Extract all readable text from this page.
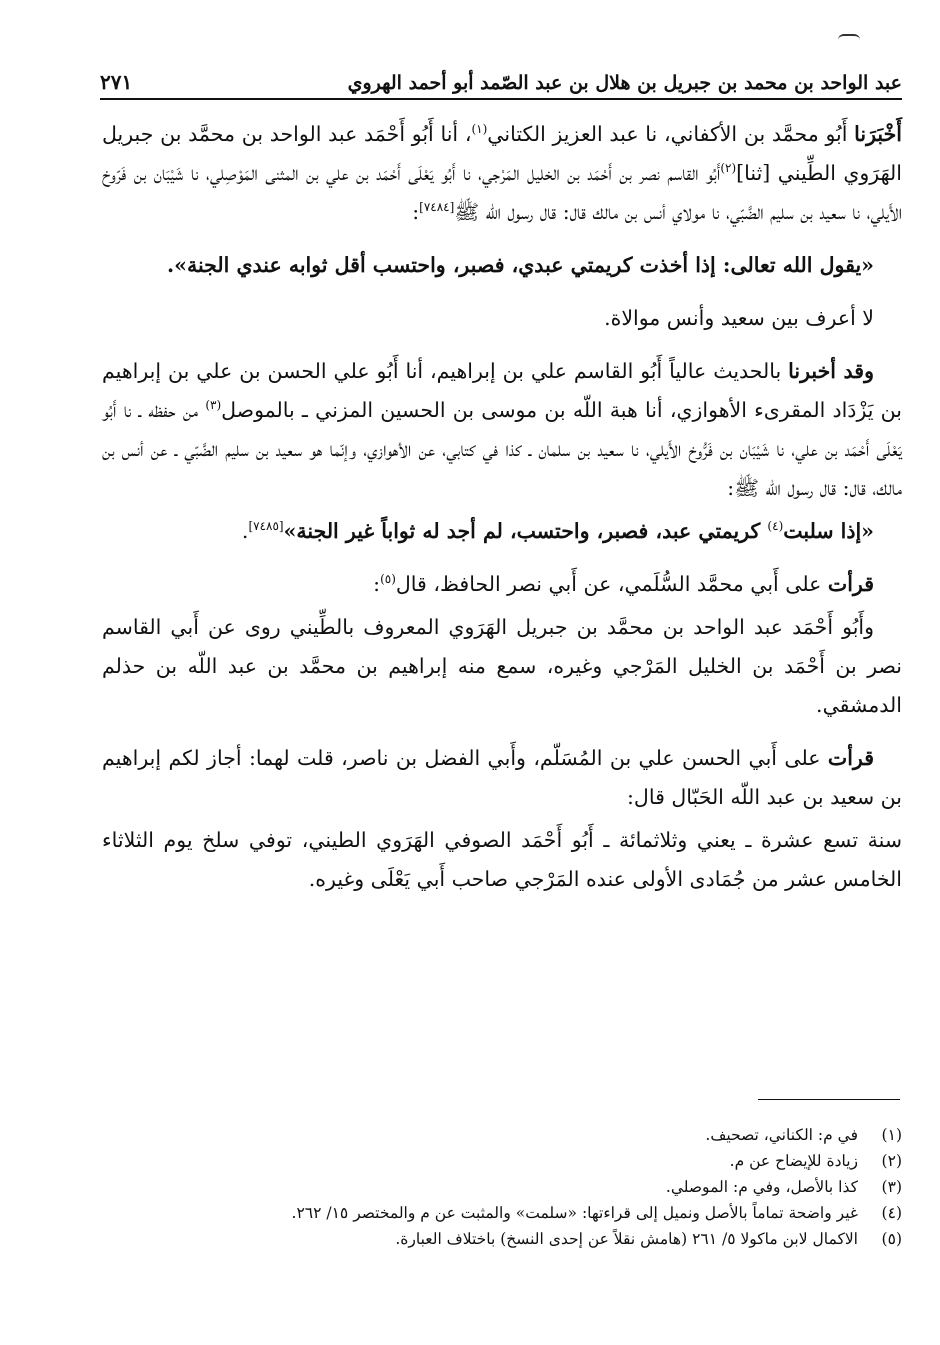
عبد الواحد بن محمد بن جبريل بن هلال بن عبد الصّمد أبو أحمد الهروي
٢٧١

أَخْبَرَنا أَبُو محمَّد بن الأكفاني، نا عبد العزيز الكتاني$^{(١)}$، أنا أَبُو أَحْمَد عبد الواحد بن محمَّد بن جبريل الهَرَوي الطِّيني [ثنا]$^{(٢)}$أَبُو القاسم نصر بن أَحْمَد بن الخليل المَرْجي، نا أَبُو يَعْلَى أَحْمَد بن علي بن المثنى المَوْصِلي، نا شَيْبَان بن فَرّوخ الأَيلي، نا سعيد بن سليم الضَّبّي، نا مولاي أنس بن مالك قال: قال رسول الله ﷺ[٧٤٨٤]:

«يقول الله تعالى: إذا أخذت كريمتي عبدي، فصبر، واحتسب أقل ثوابه عندي الجنة».

لا أعرف بين سعيد وأنس موالاة.

وقد أخبرنا بالحديث عالياً أَبُو القاسم علي بن إبراهيم، أنا أَبُو علي الحسن بن علي بن إبراهيم بن يَزْدَاد المقرىء الأهوازي، أنا هبة اللّه بن موسى بن الحسين المزني ـ بالموصل$^{(٣)}$ من حفظه ـ نا أَبُو يَعْلَى أَحْمَد بن علي، نا شَيْبَان بن فَرُّوخ الأَيلي، نا سعيد بن سلمان ـ كذا في كتابي، عن الأهوازي، وإنّما هو سعيد بن سليم الضَّبّي ـ عن أنس بن مالك، قال: قال رسول الله ﷺ:

«إذا سلبت$^{(٤)}$ كريمتي عبد، فصبر، واحتسب، لم أجد له ثواباً غير الجنة»[٧٤٨٥].

قرأت على أَبي محمَّد السُّلَمي، عن أَبي نصر الحافظ، قال$^{(٥)}$:

وأَبُو أَحْمَد عبد الواحد بن محمَّد بن جبريل الهَرَوي المعروف بالطِّيني روى عن أَبي القاسم نصر بن أَحْمَد بن الخليل المَرْجي وغيره، سمع منه إبراهيم بن محمَّد بن عبد اللّه بن حذلم الدمشقي.

قرأت على أَبي الحسن علي بن المُسَلّم، وأَبي الفضل بن ناصر، قلت لهما: أجاز لكم إبراهيم بن سعيد بن عبد اللّه الحَبّال قال:

سنة تسع عشرة ـ يعني وثلاثمائة ـ أَبُو أَحْمَد الصوفي الهَرَوي الطيني، توفي سلخ يوم الثلاثاء الخامس عشر من جُمَادى الأولى عنده المَرْجي صاحب أَبي يَعْلَى وغيره.

(١)
في م: الكناني، تصحيف.
(٢)
زيادة للإيضاح عن م.
(٣)
كذا بالأصل، وفي م: الموصلي.
(٤)
غير واضحة تماماً بالأصل ونميل إلى قراءتها: «سلمت» والمثبت عن م والمختصر ١٥/ ٢٦٢.
(٥)
الاكمال لابن ماكولا ٥/ ٢٦١ (هامش نقلاً عن إحدى النسخ) باختلاف العبارة.
